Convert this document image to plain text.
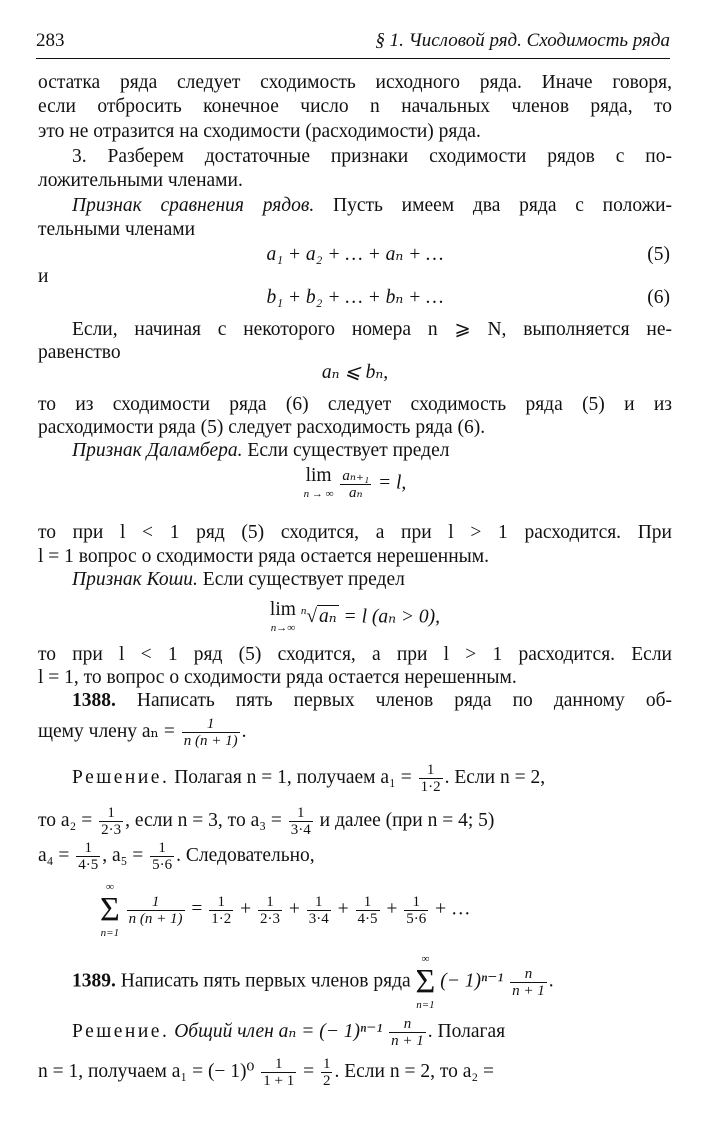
283	§ 1. Числовой ряд. Сходимость ряда
остатка ряда следует сходимость исходного ряда. Иначе говоря,
если отбросить конечное число n начальных членов ряда, то
это не отразится на сходимости (расходимости) ряда.
3. Разберем достаточные признаки сходимости рядов с по-
ложительными членами.
Признак сравнения рядов. Пусть имеем два ряда с положи-
тельными членами
a₁ + a₂ + … + aₙ + …	(5)
и
b₁ + b₂ + … + bₙ + …	(6)
Если, начиная с некоторого номера n ⩾ N, выполняется не-
равенство
aₙ ⩽ bₙ,
то из сходимости ряда (6) следует сходимость ряда (5) и из
расходимости ряда (5) следует расходимость ряда (6).
Признак Даламбера. Если существует предел
lim
n → ∞
$\frac{\text{aₙ₊₁}}{\text{aₙ}} = l$,
то при l < 1 ряд (5) сходится, а при l > 1 расходится. При
l = 1 вопрос о сходимости ряда остается нерешенным.
Признак Коши. Если существует предел
lim
n→∞
$^n$√ aₙ = l (aₙ > 0),
то при l < 1 ряд (5) сходится, а при l > 1 расходится. Если
l = 1, то вопрос о сходимости ряда остается нерешенным.
1388. Написать пять первых членов ряда по данному об-
щему члену $a_n = \frac{1}{n (n + 1)}$ .
Решение. Полагая n = 1, получаем $a_1 = \frac{1}{1\cdot 2}$ . Если n = 2,
то $a_2 = \frac{1}{2\cdot 3}$ , если n = 3, то $a_3 = \frac{1}{3\cdot 4}$ и далее (при n = 4; 5)
$a_4 = \frac{1}{4\cdot 5}$ , $a_5 = \frac{1}{5\cdot 6}$ . Следовательно,
∞
Σ
n=1

$\frac{1}{n (n + 1)} = \frac{1}{1\cdot 2} + \frac{1}{2\cdot 3} + \frac{1}{3\cdot 4} + \frac{1}{4\cdot 5} + \frac{1}{5\cdot 6}$ + …
1389. Написать пять первых членов ряда
∞
Σ
n=1
(− $1)^{n-1} \frac{n}{n + 1}$ .
Решение. Общий член aₙ = (− $1)^{n-1} \frac{n}{n + 1}$ . Полагая
n = 1, получаем a₁ = (− $1)^0 \frac{1}{1 + 1} = \frac{1}{2}$ . Если n = 2, то a₂ =
